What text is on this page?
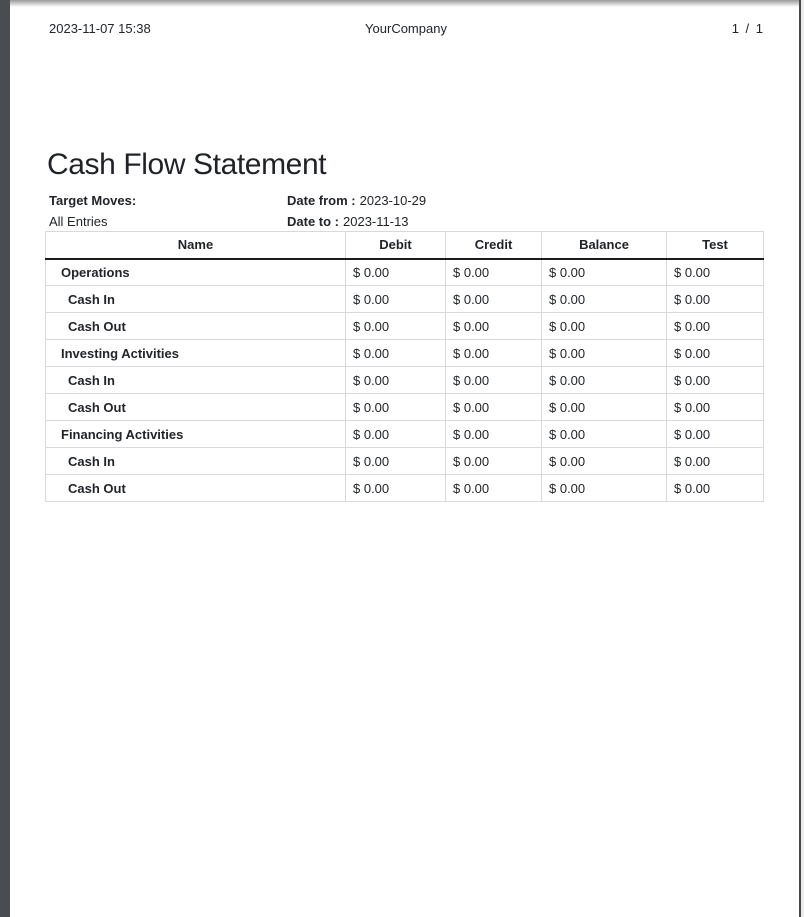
2023-11-07 15:38	YourCompany	1 / 1
Cash Flow Statement
Target Moves:
All Entries
Date from : 2023-10-29
Date to : 2023-11-13
Name	Debit	Credit	Balance	Test
Operations	$ 0.00	$ 0.00	$ 0.00	$ 0.00
Cash In	$ 0.00	$ 0.00	$ 0.00	$ 0.00
Cash Out	$ 0.00	$ 0.00	$ 0.00	$ 0.00
Investing Activities	$ 0.00	$ 0.00	$ 0.00	$ 0.00
Cash In	$ 0.00	$ 0.00	$ 0.00	$ 0.00
Cash Out	$ 0.00	$ 0.00	$ 0.00	$ 0.00
Financing Activities	$ 0.00	$ 0.00	$ 0.00	$ 0.00
Cash In	$ 0.00	$ 0.00	$ 0.00	$ 0.00
Cash Out	$ 0.00	$ 0.00	$ 0.00	$ 0.00
